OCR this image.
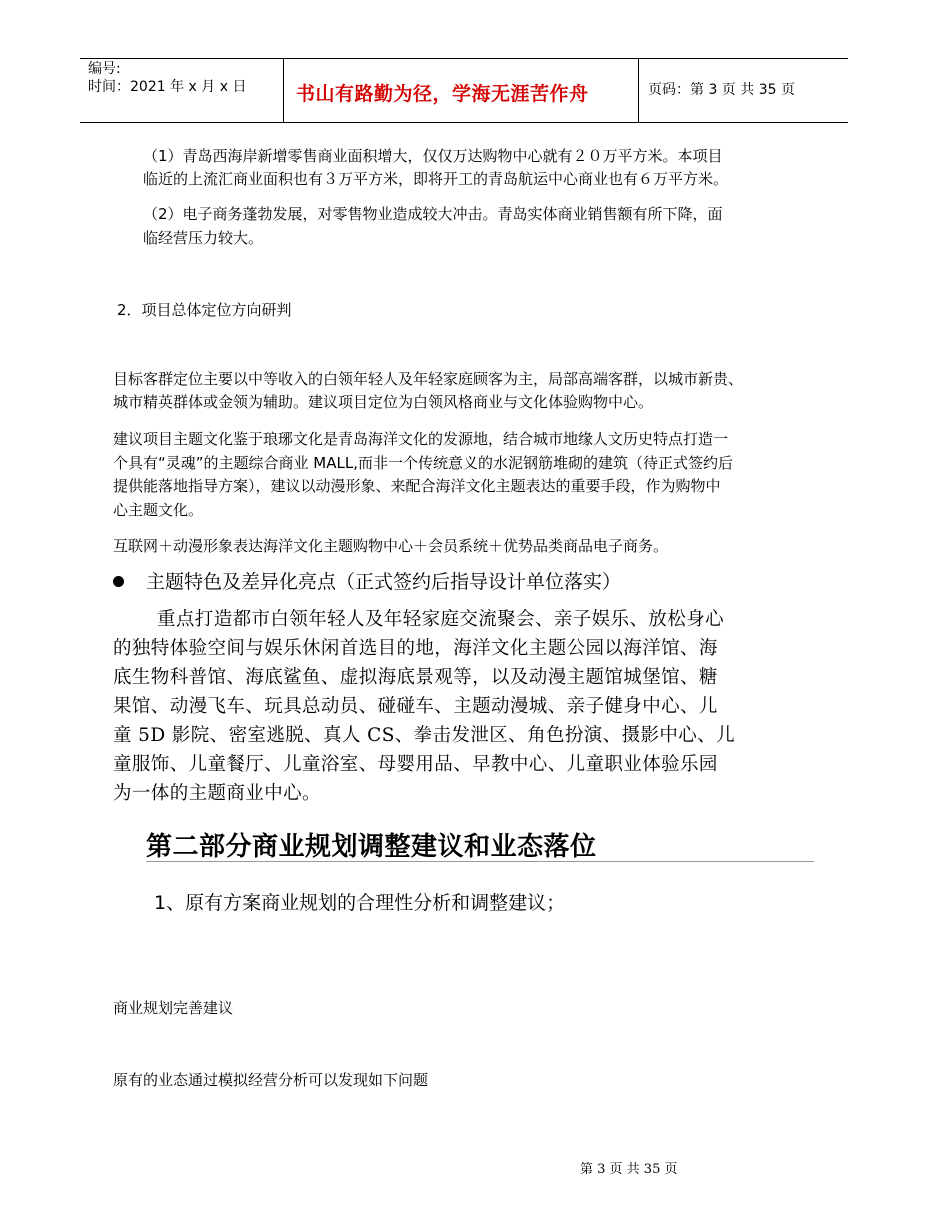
编号:
时间：2021 年 x 月 x 日	书山有路勤为径，学海无涯苦作舟	页码：第 3 页 共 35 页
（1）青岛西海岸新增零售商业面积增大，仅仅万达购物中心就有２０万平方米。本项目
临近的上流汇商业面积也有３万平方米，即将开工的青岛航运中心商业也有６万平方米。
（2）电子商务蓬勃发展，对零售物业造成较大冲击。青岛实体商业销售额有所下降，面
临经营压力较大。
2．项目总体定位方向研判
目标客群定位主要以中等收入的白领年轻人及年轻家庭顾客为主，局部高端客群，以城市新贵、
城市精英群体或金领为辅助。建议项目定位为白领风格商业与文化体验购物中心。
建议项目主题文化鉴于琅琊文化是青岛海洋文化的发源地，结合城市地缘人文历史特点打造一
个具有“灵魂”的主题综合商业 MALL,而非一个传统意义的水泥钢筋堆砌的建筑（待正式签约后
提供能落地指导方案），建议以动漫形象、来配合海洋文化主题表达的重要手段，作为购物中
心主题文化。
互联网＋动漫形象表达海洋文化主题购物中心＋会员系统＋优势品类商品电子商务。
主题特色及差异化亮点（正式签约后指导设计单位落实）
重点打造都市白领年轻人及年轻家庭交流聚会、亲子娱乐、放松身心
的独特体验空间与娱乐休闲首选目的地，海洋文化主题公园以海洋馆、海
底生物科普馆、海底鲨鱼、虚拟海底景观等，以及动漫主题馆城堡馆、糖
果馆、动漫飞车、玩具总动员、碰碰车、主题动漫城、亲子健身中心、儿
童 5D 影院、密室逃脱、真人 CS、拳击发泄区、角色扮演、摄影中心、儿
童服饰、儿童餐厅、儿童浴室、母婴用品、早教中心、儿童职业体验乐园
为一体的主题商业中心。
第二部分商业规划调整建议和业态落位
1、原有方案商业规划的合理性分析和调整建议；
商业规划完善建议
原有的业态通过模拟经营分析可以发现如下问题
第 3 页 共 35 页
